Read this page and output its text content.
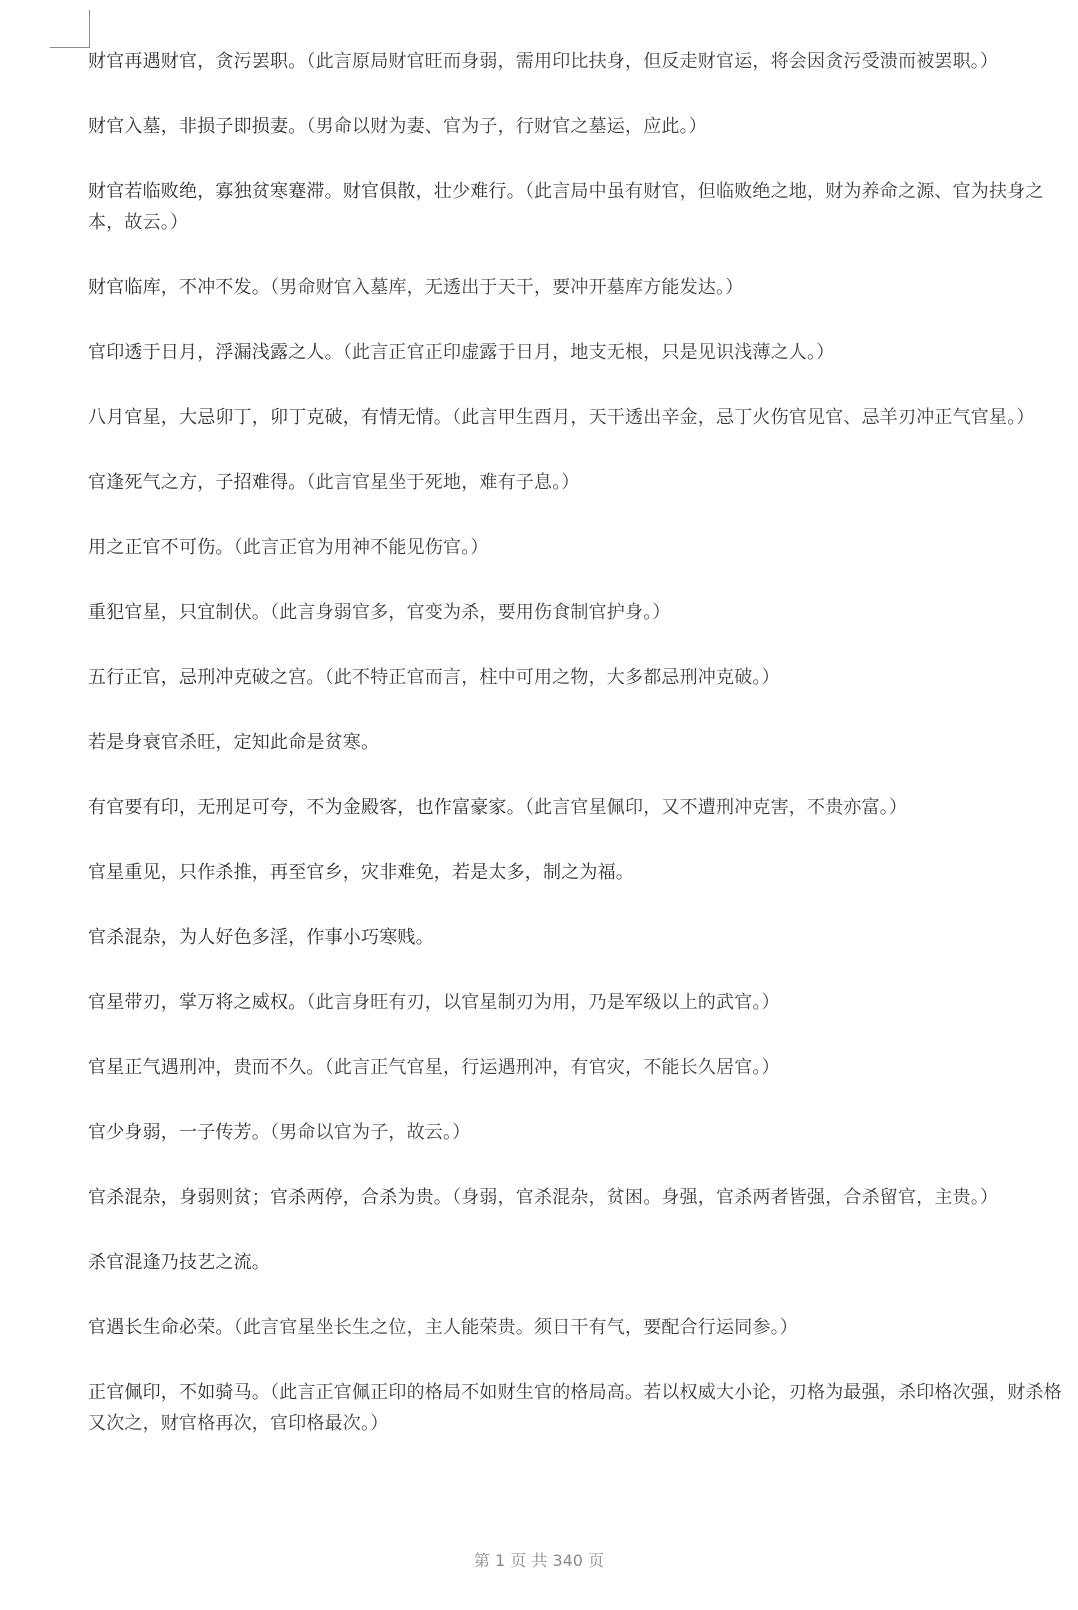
财官再遇财官，贪污罢职。（此言原局财官旺而身弱，需用印比扶身，但反走财官运，将会因贪污受溃而被罢职。）

财官入墓，非损子即损妻。（男命以财为妻、官为子，行财官之墓运，应此。）

财官若临败绝，寡独贫寒蹇滞。财官俱散，壮少难行。（此言局中虽有财官，但临败绝之地，财为养命之源、官为扶身之本，故云。）

财官临库，不冲不发。（男命财官入墓库，无透出于天干，要冲开墓库方能发达。）

官印透于日月，浮漏浅露之人。（此言正官正印虚露于日月，地支无根，只是见识浅薄之人。）

八月官星，大忌卯丁，卯丁克破，有情无情。（此言甲生酉月，天干透出辛金，忌丁火伤官见官、忌羊刃冲正气官星。）

官逢死气之方，子招难得。（此言官星坐于死地，难有子息。）

用之正官不可伤。（此言正官为用神不能见伤官。）

重犯官星，只宜制伏。（此言身弱官多，官变为杀，要用伤食制官护身。）

五行正官，忌刑冲克破之宫。（此不特正官而言，柱中可用之物，大多都忌刑冲克破。）

若是身衰官杀旺，定知此命是贫寒。

有官要有印，无刑足可夸，不为金殿客，也作富豪家。（此言官星佩印，又不遭刑冲克害，不贵亦富。）

官星重见，只作杀推，再至官乡，灾非难免，若是太多，制之为福。

官杀混杂，为人好色多淫，作事小巧寒贱。

官星带刃，掌万将之威权。（此言身旺有刃，以官星制刃为用，乃是军级以上的武官。）

官星正气遇刑冲，贵而不久。（此言正气官星，行运遇刑冲，有官灾，不能长久居官。）

官少身弱，一子传芳。（男命以官为子，故云。）

官杀混杂，身弱则贫；官杀两停，合杀为贵。（身弱，官杀混杂，贫困。身强，官杀两者皆强，合杀留官，主贵。）

杀官混逢乃技艺之流。

官遇长生命必荣。（此言官星坐长生之位，主人能荣贵。须日干有气，要配合行运同参。）

正官佩印，不如骑马。（此言正官佩正印的格局不如财生官的格局高。若以权威大小论，刃格为最强，杀印格次强，财杀格又次之，财官格再次，官印格最次。）

第 1 页 共 340 页
